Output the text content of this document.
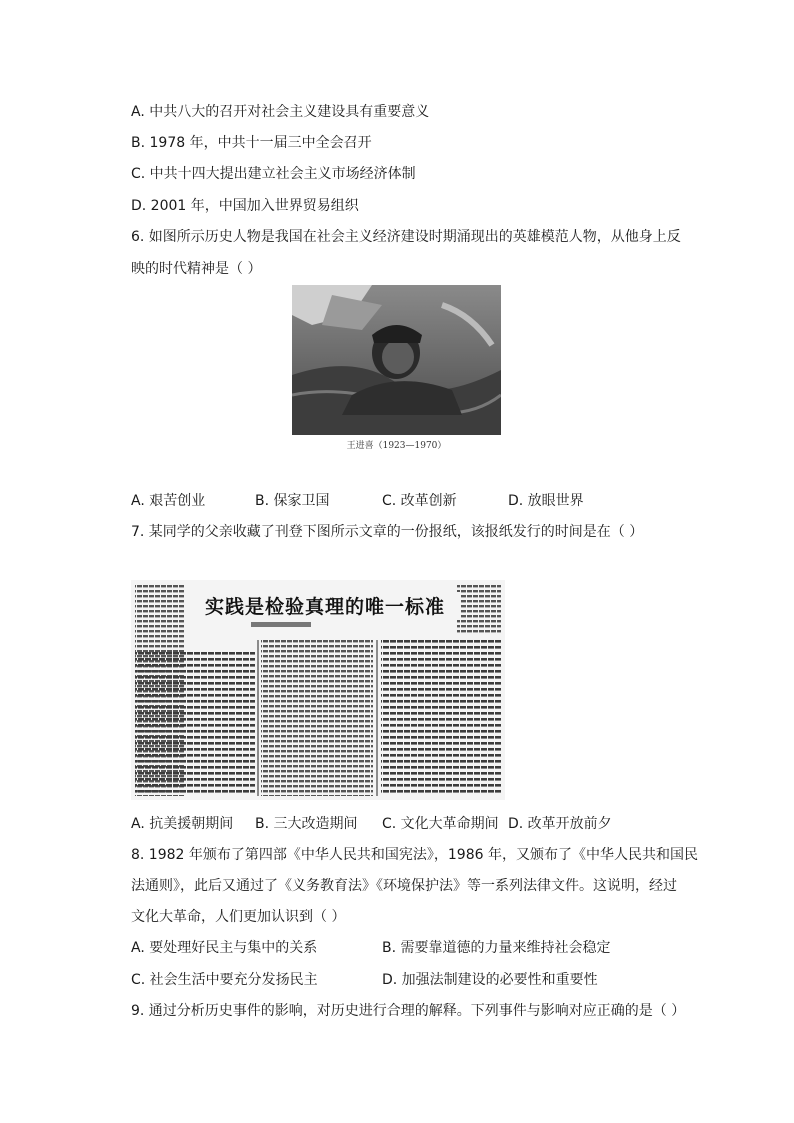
A. 中共八大的召开对社会主义建设具有重要意义
B. 1978 年，中共十一届三中全会召开
C. 中共十四大提出建立社会主义市场经济体制
D. 2001 年，中国加入世界贸易组织
6. 如图所示历史人物是我国在社会主义经济建设时期涌现出的英雄模范人物，从他身上反
映的时代精神是（ ）
王进喜（1923—1970）
A. 艰苦创业	B. 保家卫国	C. 改革创新	D. 放眼世界
7. 某同学的父亲收藏了刊登下图所示文章的一份报纸，该报纸发行的时间是在（ ）
实践是检验真理的唯一标准
A. 抗美援朝期间 B. 三大改造期间 C. 文化大革命期间 D. 改革开放前夕
8. 1982 年颁布了第四部《中华人民共和国宪法》，1986 年，又颁布了《中华人民共和国民
法通则》，此后又通过了《义务教育法》《环境保护法》等一系列法律文件。这说明，经过
文化大革命，人们更加认识到（ ）
A. 要处理好民主与集中的关系	B. 需要靠道德的力量来维持社会稳定
C. 社会生活中要充分发扬民主	D. 加强法制建设的必要性和重要性
9. 通过分析历史事件的影响，对历史进行合理的解释。下列事件与影响对应正确的是（ ）
